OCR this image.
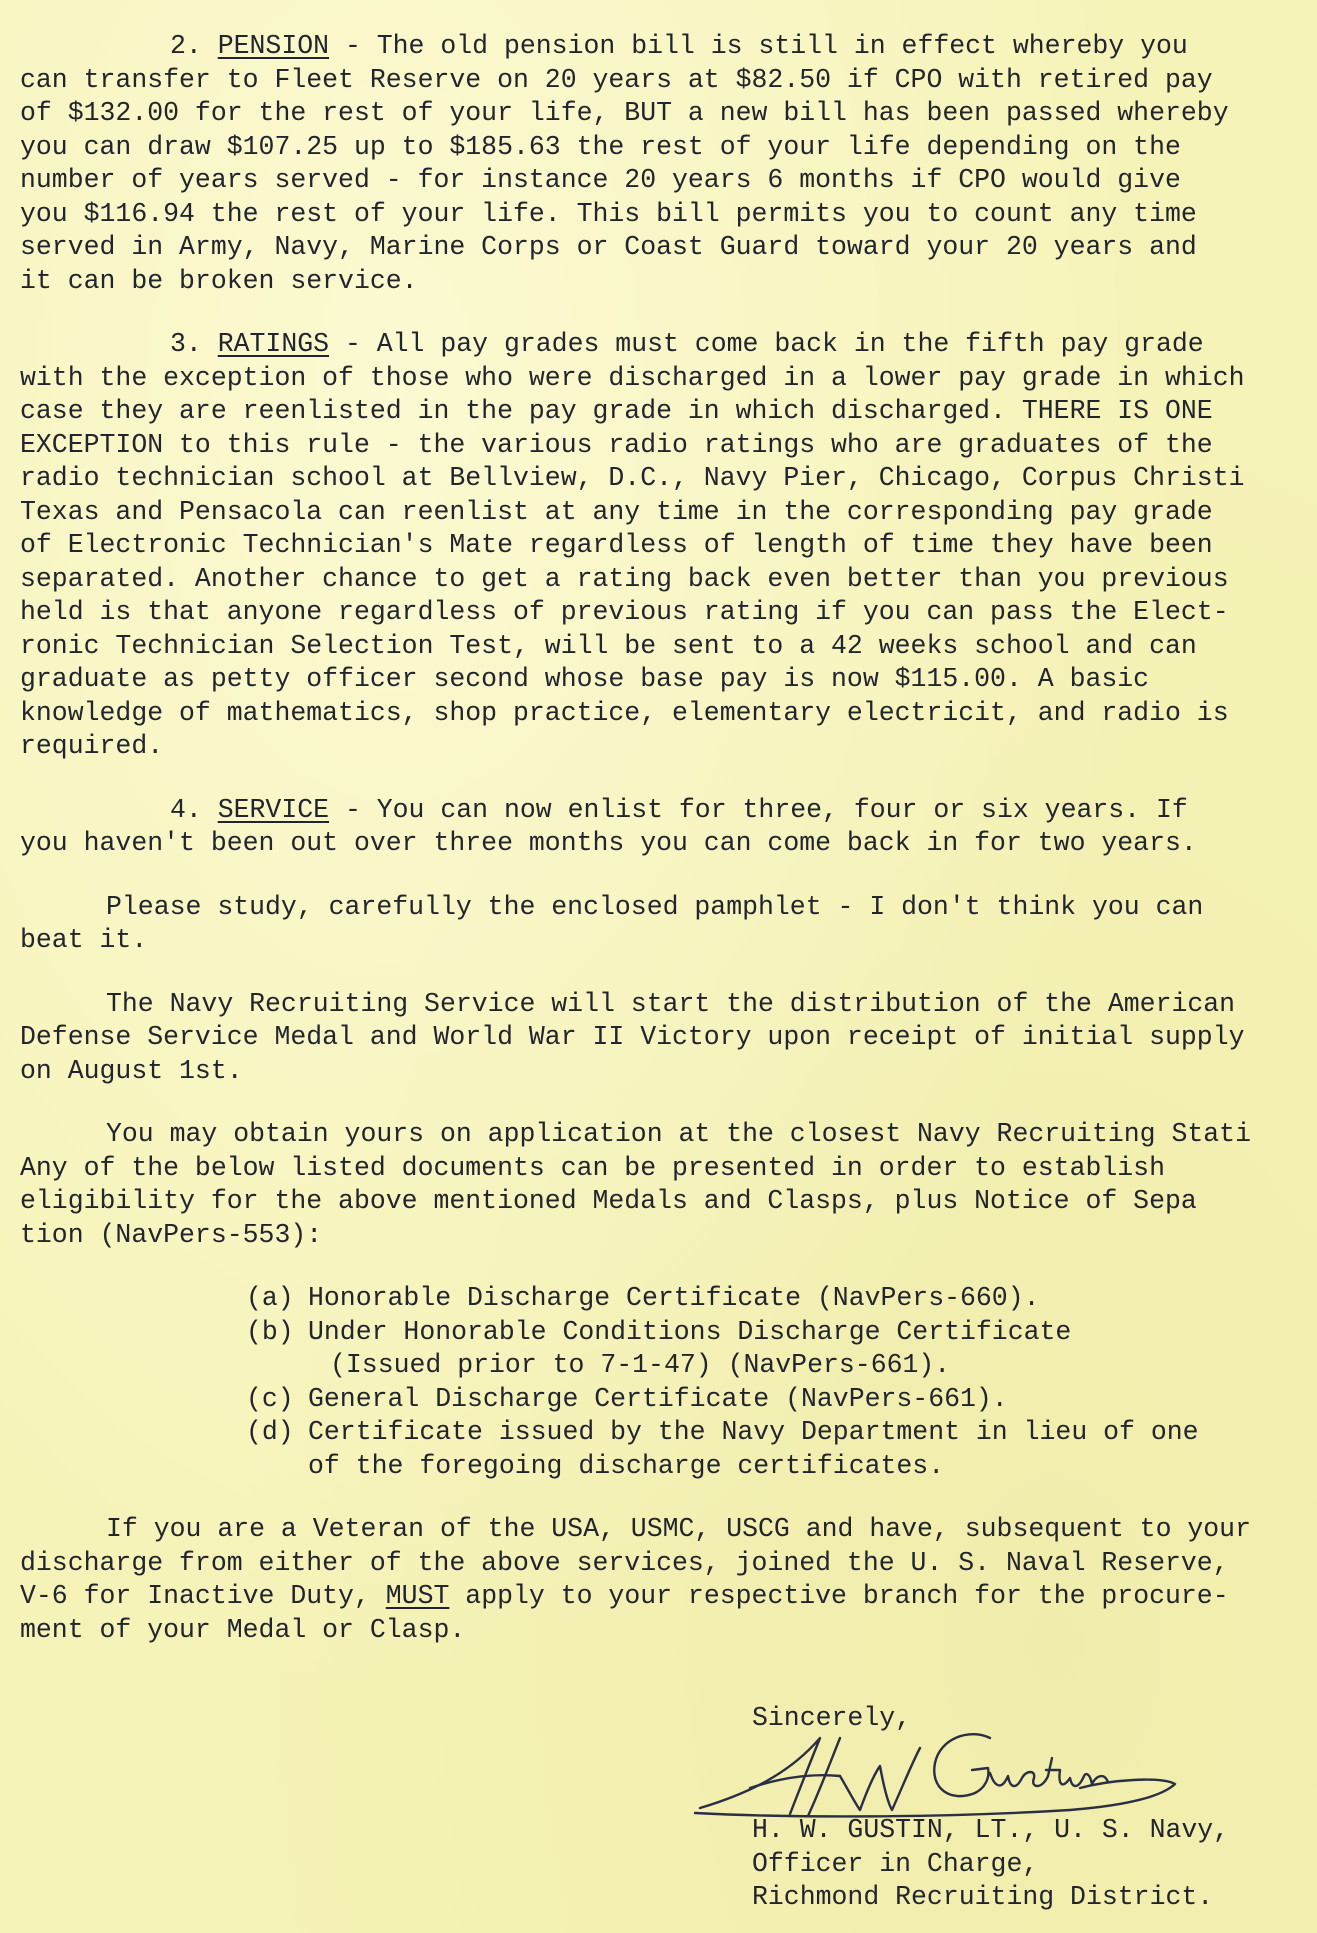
2. PENSION - The old pension bill is still in effect whereby you
can transfer to Fleet Reserve on 20 years at $82.50 if CPO with retired pay
of $132.00 for the rest of your life, BUT a new bill has been passed whereby
you can draw $107.25 up to $185.63 the rest of your life depending on the
number of years served - for instance 20 years 6 months if CPO would give
you $116.94 the rest of your life. This bill permits you to count any time
served in Army, Navy, Marine Corps or Coast Guard toward your 20 years and
it can be broken service.
3. RATINGS - All pay grades must come back in the fifth pay grade
with the exception of those who were discharged in a lower pay grade in which
case they are reenlisted in the pay grade in which discharged. THERE IS ONE
EXCEPTION to this rule - the various radio ratings who are graduates of the
radio technician school at Bellview, D.C., Navy Pier, Chicago, Corpus Christi
Texas and Pensacola can reenlist at any time in the corresponding pay grade
of Electronic Technician's Mate regardless of length of time they have been
separated. Another chance to get a rating back even better than you previous
held is that anyone regardless of previous rating if you can pass the Elect-
ronic Technician Selection Test, will be sent to a 42 weeks school and can
graduate as petty officer second whose base pay is now $115.00. A basic
knowledge of mathematics, shop practice, elementary electricit, and radio is
required.
4. SERVICE - You can now enlist for three, four or six years. If
you haven't been out over three months you can come back in for two years.
Please study, carefully the enclosed pamphlet - I don't think you can
beat it.
The Navy Recruiting Service will start the distribution of the American
Defense Service Medal and World War II Victory upon receipt of initial supply
on August 1st.
You may obtain yours on application at the closest Navy Recruiting Stati
Any of the below listed documents can be presented in order to establish
eligibility for the above mentioned Medals and Clasps, plus Notice of Sepa
tion (NavPers-553):
(a) Honorable Discharge Certificate (NavPers-660).
(b) Under Honorable Conditions Discharge Certificate
(Issued prior to 7-1-47) (NavPers-661).
(c) General Discharge Certificate (NavPers-661).
(d) Certificate issued by the Navy Department in lieu of one
of the foregoing discharge certificates.
If you are a Veteran of the USA, USMC, USCG and have, subsequent to your
discharge from either of the above services, joined the U. S. Naval Reserve,
V-6 for Inactive Duty, MUST apply to your respective branch for the procure-
ment of your Medal or Clasp.
Sincerely,
H. W. GUSTIN, LT., U. S. Navy,
Officer in Charge,
Richmond Recruiting District.
